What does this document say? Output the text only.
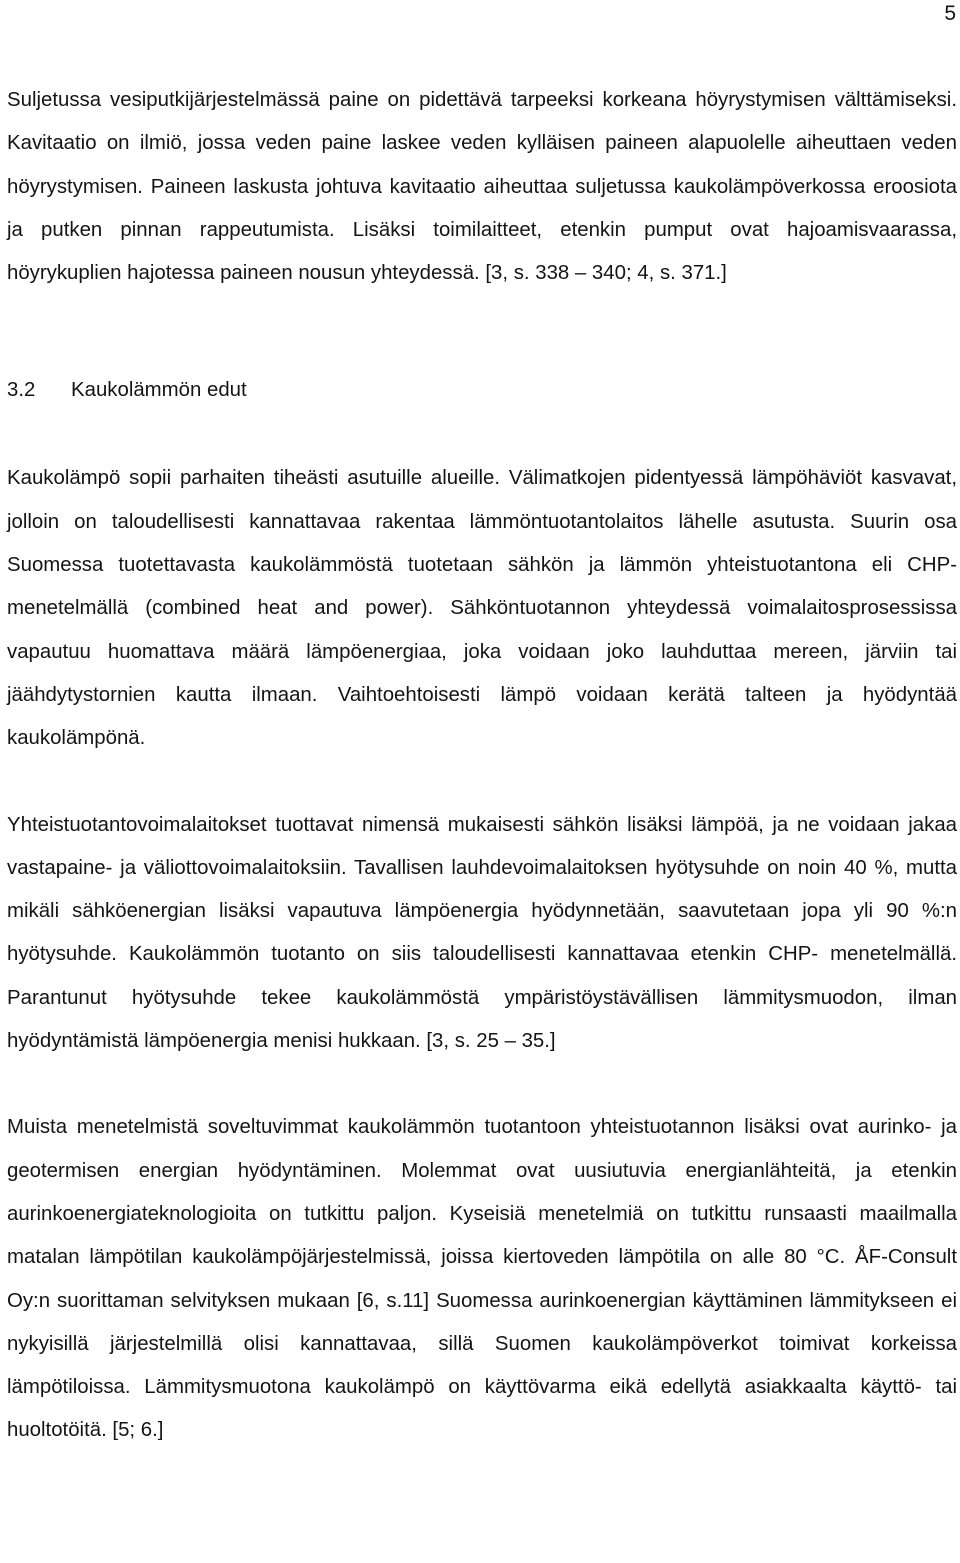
5

Suljetussa vesiputkijärjestelmässä paine on pidettävä tarpeeksi korkeana höyrystymisen välttämiseksi. Kavitaatio on ilmiö, jossa veden paine laskee veden kylläisen paineen alapuolelle aiheuttaen veden höyrystymisen. Paineen laskusta johtuva kavitaatio aiheuttaa suljetussa kaukolämpöverkossa eroosiota ja putken pinnan rappeutumista. Lisäksi toimilaitteet, etenkin pumput ovat hajoamisvaarassa, höyrykuplien hajotessa paineen nousun yhteydessä. [3, s. 338 – 340; 4, s. 371.]

3.2 Kaukolämmön edut

Kaukolämpö sopii parhaiten tiheästi asutuille alueille. Välimatkojen pidentyessä lämpöhäviöt kasvavat, jolloin on taloudellisesti kannattavaa rakentaa lämmöntuotantolaitos lähelle asutusta. Suurin osa Suomessa tuotettavasta kaukolämmöstä tuotetaan sähkön ja lämmön yhteistuotantona eli CHP- menetelmällä (combined heat and power). Sähköntuotannon yhteydessä voimalaitosprosessissa vapautuu huomattava määrä lämpöenergiaa, joka voidaan joko lauhduttaa mereen, järviin tai jäähdytystornien kautta ilmaan. Vaihtoehtoisesti lämpö voidaan kerätä talteen ja hyödyntää kaukolämpönä.

Yhteistuotantovoimalaitokset tuottavat nimensä mukaisesti sähkön lisäksi lämpöä, ja ne voidaan jakaa vastapaine- ja väliottovoimalaitoksiin. Tavallisen lauhdevoimalaitoksen hyötysuhde on noin 40 %, mutta mikäli sähköenergian lisäksi vapautuva lämpöenergia hyödynnetään, saavutetaan jopa yli 90 %:n hyötysuhde. Kaukolämmön tuotanto on siis taloudellisesti kannattavaa etenkin CHP- menetelmällä. Parantunut hyötysuhde tekee kaukolämmöstä ympäristöystävällisen lämmitysmuodon, ilman hyödyntämistä lämpöenergia menisi hukkaan. [3, s. 25 – 35.]

Muista menetelmistä soveltuvimmat kaukolämmön tuotantoon yhteistuotannon lisäksi ovat aurinko- ja geotermisen energian hyödyntäminen. Molemmat ovat uusiutuvia energianlähteitä, ja etenkin aurinkoenergiateknologioita on tutkittu paljon. Kyseisiä menetelmiä on tutkittu runsaasti maailmalla matalan lämpötilan kaukolämpöjärjestelmissä, joissa kiertoveden lämpötila on alle 80 °C. ÅF-Consult Oy:n suorittaman selvityksen mukaan [6, s.11] Suomessa aurinkoenergian käyttäminen lämmitykseen ei nykyisillä järjestelmillä olisi kannattavaa, sillä Suomen kaukolämpöverkot toimivat korkeissa lämpötiloissa. Lämmitysmuotona kaukolämpö on käyttövarma eikä edellytä asiakkaalta käyttö- tai huoltotöitä. [5; 6.]
